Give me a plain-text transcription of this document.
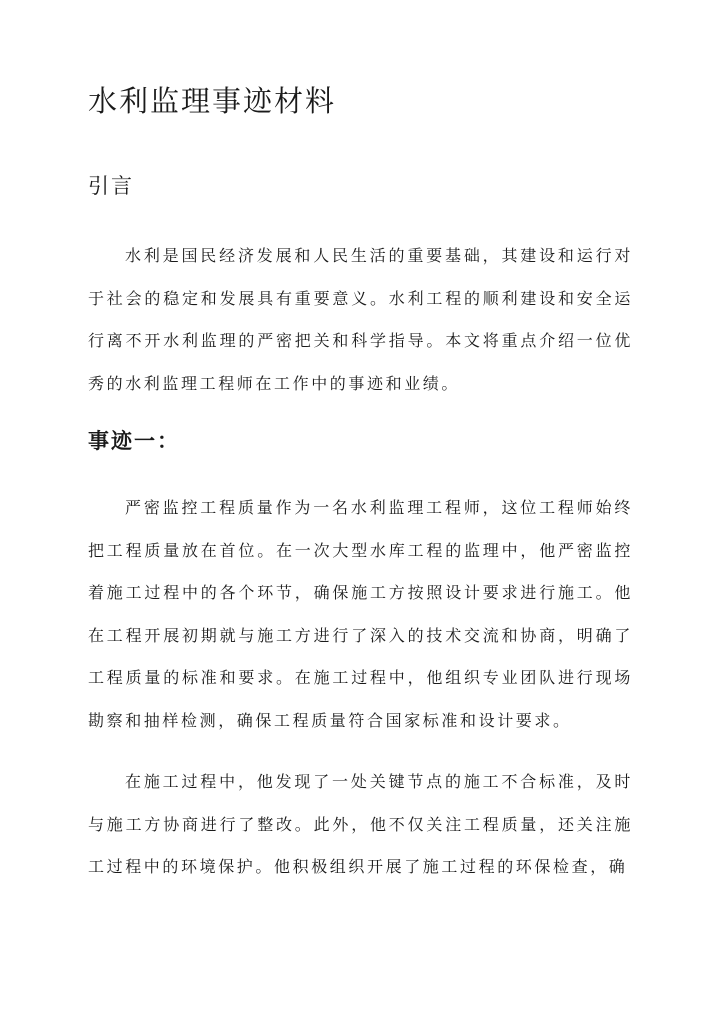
水利监理事迹材料
引言

水利是国民经济发展和人民生活的重要基础，其建设和运行对于社会的稳定和发展具有重要意义。水利工程的顺利建设和安全运行离不开水利监理的严密把关和科学指导。本文将重点介绍一位优秀的水利监理工程师在工作中的事迹和业绩。

事迹一：

严密监控工程质量作为一名水利监理工程师，这位工程师始终把工程质量放在首位。在一次大型水库工程的监理中，他严密监控着施工过程中的各个环节，确保施工方按照设计要求进行施工。他在工程开展初期就与施工方进行了深入的技术交流和协商，明确了工程质量的标准和要求。在施工过程中，他组织专业团队进行现场勘察和抽样检测，确保工程质量符合国家标准和设计要求。

在施工过程中，他发现了一处关键节点的施工不合标准，及时与施工方协商进行了整改。此外，他不仅关注工程质量，还关注施工过程中的环境保护。他积极组织开展了施工过程的环保检查，确
